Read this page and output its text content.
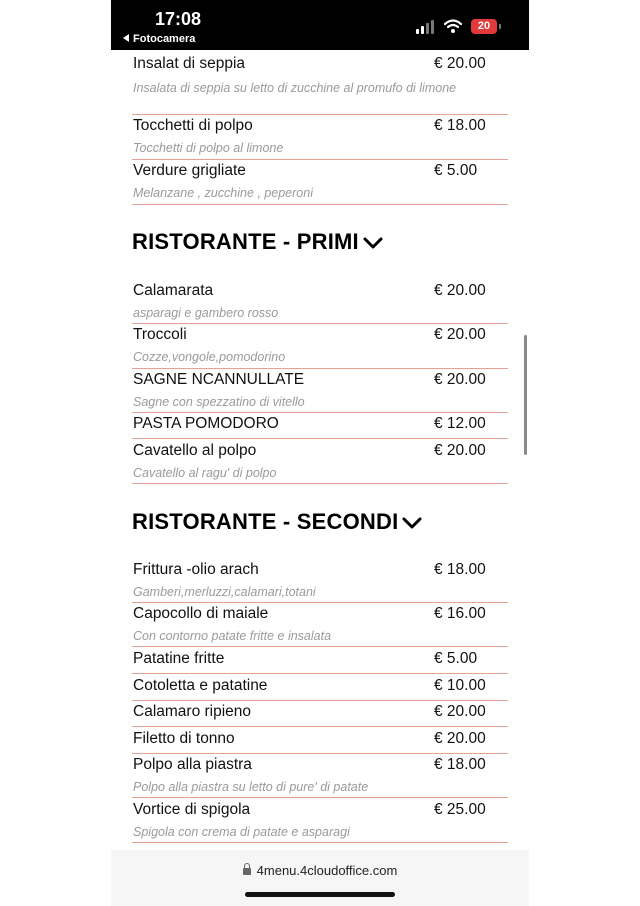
Insalat di seppia	€ 20.00
Insalata di seppia su letto di zucchine al promufo di limone
Tocchetti di polpo	€ 18.00
Tocchetti di polpo al limone
Verdure grigliate	€ 5.00
Melanzane , zucchine , peperoni
RISTORANTE - PRIMI
Calamarata	€ 20.00
asparagi e gambero rosso
Troccoli	€ 20.00
Cozze,vongole,pomodorino
SAGNE NCANNULLATE	€ 20.00
Sagne con spezzatino di vitello
PASTA POMODORO	€ 12.00
Cavatello al polpo	€ 20.00
Cavatello al ragu' di polpo
RISTORANTE - SECONDI
Frittura -olio arach	€ 18.00
Gamberi,merluzzi,calamari,totani
Capocollo di maiale	€ 16.00
Con contorno patate fritte e insalata
Patatine fritte	€ 5.00
Cotoletta e patatine	€ 10.00
Calamaro ripieno	€ 20.00
Filetto di tonno	€ 20.00
Polpo alla piastra	€ 18.00
Polpo alla piastra su letto di pure' di patate
Vortice di spigola	€ 25.00
Spigola con crema di patate e asparagi
17:08
Fotocamera
20
4menu.4cloudoffice.com
